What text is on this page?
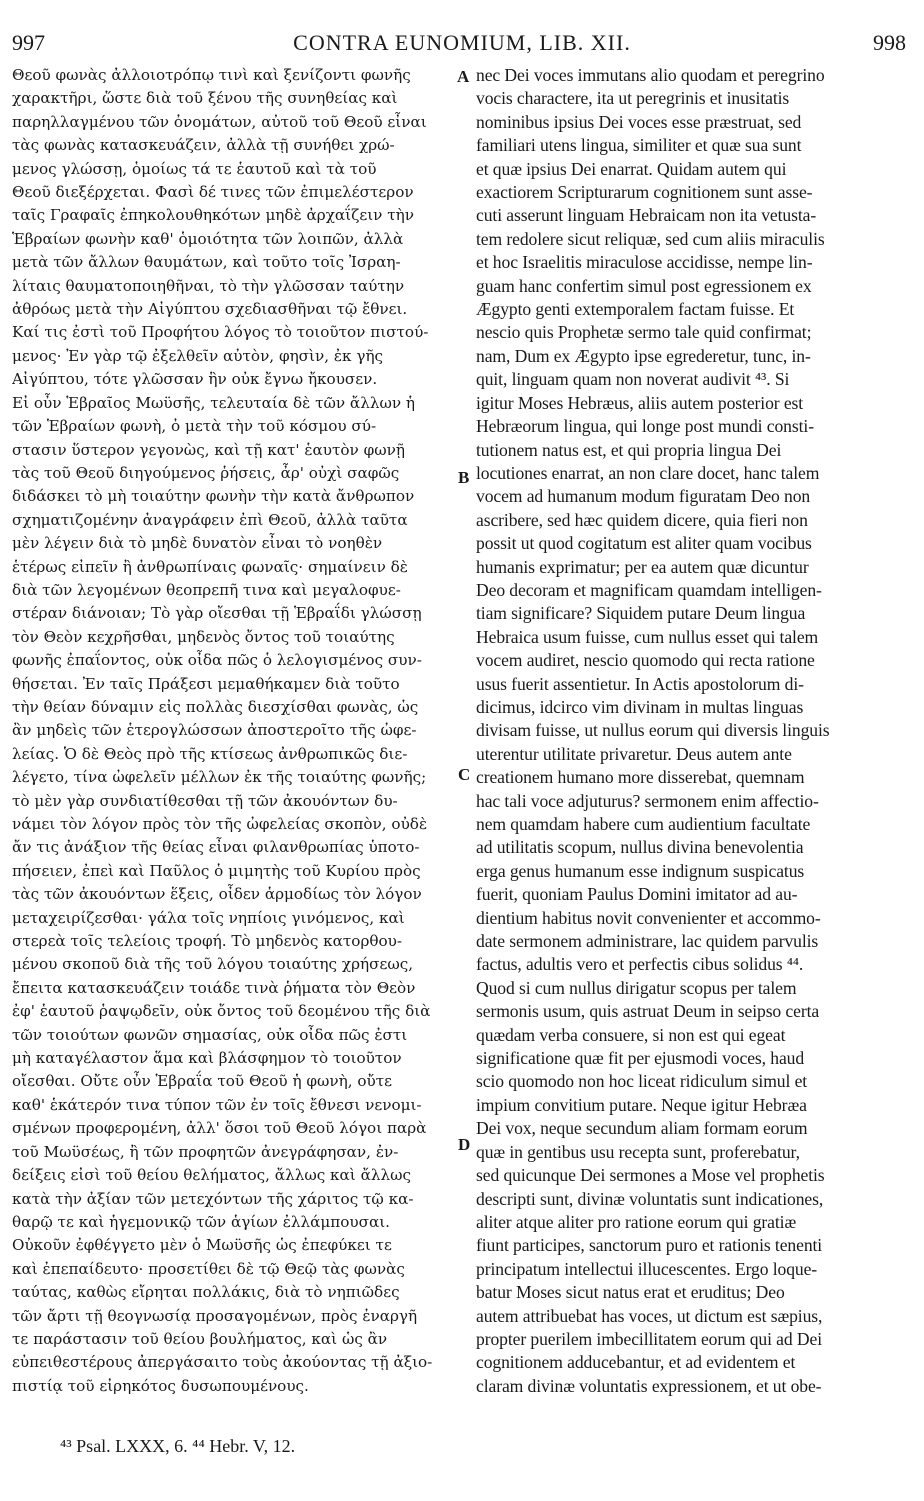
997	CONTRA EUNOMIUM, LIB. XII.	998
Θεοῦ φωνὰς ἀλλοιοτρόπῳ τινὶ καὶ ξενίζοντι φωνῆς
χαρακτῆρι, ὥστε διὰ τοῦ ξένου τῆς συνηθείας καὶ
παρηλλαγμένου τῶν ὀνομάτων, αὐτοῦ τοῦ Θεοῦ εἶναι
τὰς φωνὰς κατασκευάζειν, ἀλλὰ τῇ συνήθει χρώ-
μενος γλώσσῃ, ὁμοίως τά τε ἑαυτοῦ καὶ τὰ τοῦ
Θεοῦ διεξέρχεται. Φασὶ δέ τινες τῶν ἐπιμελέστερον
ταῖς Γραφαῖς ἐπηκολουθηκότων μηδὲ ἀρχαΐζειν τὴν
Ἑβραίων φωνὴν καθ' ὁμοιότητα τῶν λοιπῶν, ἀλλὰ
μετὰ τῶν ἄλλων θαυμάτων, καὶ τοῦτο τοῖς Ἰσραη-
λίταις θαυματοποιηθῆναι, τὸ τὴν γλῶσσαν ταύτην
ἀθρόως μετὰ τὴν Αἰγύπτου σχεδιασθῆναι τῷ ἔθνει.
Καί τις ἐστὶ τοῦ Προφήτου λόγος τὸ τοιοῦτον πιστού-
μενος· Ἐν γὰρ τῷ ἐξελθεῖν αὐτὸν, φησὶν, ἐκ γῆς
Αἰγύπτου, τότε γλῶσσαν ἣν οὐκ ἔγνω ἤκουσεν.
Εἰ οὖν Ἑβραῖος Μωϋσῆς, τελευταία δὲ τῶν ἄλλων ἡ
τῶν Ἑβραίων φωνὴ, ὁ μετὰ τὴν τοῦ κόσμου σύ-
στασιν ὕστερον γεγονὼς, καὶ τῇ κατ' ἑαυτὸν φωνῇ
τὰς τοῦ Θεοῦ διηγούμενος ῥήσεις, ἆρ' οὐχὶ σαφῶς
διδάσκει τὸ μὴ τοιαύτην φωνὴν τὴν κατὰ ἄνθρωπον
σχηματιζομένην ἀναγράφειν ἐπὶ Θεοῦ, ἀλλὰ ταῦτα
μὲν λέγειν διὰ τὸ μηδὲ δυνατὸν εἶναι τὸ νοηθὲν
ἑτέρως εἰπεῖν ἢ ἀνθρωπίναις φωναῖς· σημαίνειν δὲ
διὰ τῶν λεγομένων θεοπρεπῆ τινα καὶ μεγαλοφυε-
στέραν διάνοιαν; Τὸ γὰρ οἴεσθαι τῇ Ἑβραΐδι γλώσσῃ
τὸν Θεὸν κεχρῆσθαι, μηδενὸς ὄντος τοῦ τοιαύτης
φωνῆς ἐπαΐοντος, οὐκ οἶδα πῶς ὁ λελογισμένος συν-
θήσεται. Ἐν ταῖς Πράξεσι μεμαθήκαμεν διὰ τοῦτο
τὴν θείαν δύναμιν εἰς πολλὰς διεσχίσθαι φωνὰς, ὡς
ἂν μηδεὶς τῶν ἑτερογλώσσων ἀποστεροῖτο τῆς ὠφε-
λείας. Ὁ δὲ Θεὸς πρὸ τῆς κτίσεως ἀνθρωπικῶς διε-
λέγετο, τίνα ὠφελεῖν μέλλων ἐκ τῆς τοιαύτης φωνῆς;
τὸ μὲν γὰρ συνδιατίθεσθαι τῇ τῶν ἀκουόντων δυ-
νάμει τὸν λόγον πρὸς τὸν τῆς ὠφελείας σκοπὸν, οὐδὲ
ἄν τις ἀνάξιον τῆς θείας εἶναι φιλανθρωπίας ὑποτο-
πήσειεν, ἐπεὶ καὶ Παῦλος ὁ μιμητὴς τοῦ Κυρίου πρὸς
τὰς τῶν ἀκουόντων ἕξεις, οἶδεν ἁρμοδίως τὸν λόγον
μεταχειρίζεσθαι· γάλα τοῖς νηπίοις γινόμενος, καὶ
στερεὰ τοῖς τελείοις τροφή. Τὸ μηδενὸς κατορθου-
μένου σκοποῦ διὰ τῆς τοῦ λόγου τοιαύτης χρήσεως,
ἔπειτα κατασκευάζειν τοιάδε τινὰ ῥήματα τὸν Θεὸν
ἐφ' ἑαυτοῦ ῥαψῳδεῖν, οὐκ ὄντος τοῦ δεομένου τῆς διὰ
τῶν τοιούτων φωνῶν σημασίας, οὐκ οἶδα πῶς ἐστι
μὴ καταγέλαστον ἅμα καὶ βλάσφημον τὸ τοιοῦτον
οἴεσθαι. Οὔτε οὖν Ἑβραΐα τοῦ Θεοῦ ἡ φωνὴ, οὔτε
καθ' ἑκάτερόν τινα τύπον τῶν ἐν τοῖς ἔθνεσι νενομι-
σμένων προφερομένη, ἀλλ' ὅσοι τοῦ Θεοῦ λόγοι παρὰ
τοῦ Μωϋσέως, ἢ τῶν προφητῶν ἀνεγράφησαν, ἐν-
δείξεις εἰσὶ τοῦ θείου θελήματος, ἄλλως καὶ ἄλλως
κατὰ τὴν ἀξίαν τῶν μετεχόντων τῆς χάριτος τῷ κα-
θαρῷ τε καὶ ἡγεμονικῷ τῶν ἁγίων ἐλλάμπουσαι.
Οὐκοῦν ἐφθέγγετο μὲν ὁ Μωϋσῆς ὡς ἐπεφύκει τε
καὶ ἐπεπαίδευτο· προσετίθει δὲ τῷ Θεῷ τὰς φωνὰς
ταύτας, καθὼς εἴρηται πολλάκις, διὰ τὸ νηπιῶδες
τῶν ἄρτι τῇ θεογνωσίᾳ προσαγομένων, πρὸς ἐναργῆ
τε παράστασιν τοῦ θείου βουλήματος, καὶ ὡς ἂν
εὐπειθεστέρους ἀπεργάσαιτο τοὺς ἀκούοντας τῇ ἀξιο-
πιστίᾳ τοῦ εἰρηκότος δυσωπουμένους.
nec Dei voces immutans alio quodam et peregrino
vocis charactere, ita ut peregrinis et inusitatis
nominibus ipsius Dei voces esse præstruat, sed
familiari utens lingua, similiter et quæ sua sunt
et quæ ipsius Dei enarrat. Quidam autem qui
exactiorem Scripturarum cognitionem sunt asse-
cuti asserunt linguam Hebraicam non ita vetusta-
tem redolere sicut reliquæ, sed cum aliis miraculis
et hoc Israelitis miraculose accidisse, nempe lin-
guam hanc confertim simul post egressionem ex
Ægypto genti extemporalem factam fuisse. Et
nescio quis Prophetæ sermo tale quid confirmat;
nam, Dum ex Ægypto ipse egrederetur, tunc, in-
quit, linguam quam non noverat audivit ⁴³. Si
igitur Moses Hebræus, aliis autem posterior est
Hebræorum lingua, qui longe post mundi consti-
tutionem natus est, et qui propria lingua Dei
locutiones enarrat, an non clare docet, hanc talem
vocem ad humanum modum figuratam Deo non
ascribere, sed hæc quidem dicere, quia fieri non
possit ut quod cogitatum est aliter quam vocibus
humanis exprimatur; per ea autem quæ dicuntur
Deo decoram et magnificam quamdam intelligen-
tiam significare? Siquidem putare Deum lingua
Hebraica usum fuisse, cum nullus esset qui talem
vocem audiret, nescio quomodo qui recta ratione
usus fuerit assentietur. In Actis apostolorum di-
dicimus, idcirco vim divinam in multas linguas
divisam fuisse, ut nullus eorum qui diversis linguis
uterentur utilitate privaretur. Deus autem ante
creationem humano more disserebat, quemnam
hac tali voce adjuturus? sermonem enim affectio-
nem quamdam habere cum audientium facultate
ad utilitatis scopum, nullus divina benevolentia
erga genus humanum esse indignum suspicatus
fuerit, quoniam Paulus Domini imitator ad au-
dientium habitus novit convenienter et accommo-
date sermonem administrare, lac quidem parvulis
factus, adultis vero et perfectis cibus solidus ⁴⁴.
Quod si cum nullus dirigatur scopus per talem
sermonis usum, quis astruat Deum in seipso certa
quædam verba consuere, si non est qui egeat
significatione quæ fit per ejusmodi voces, haud
scio quomodo non hoc liceat ridiculum simul et
impium convitium putare. Neque igitur Hebræa
Dei vox, neque secundum aliam formam eorum
quæ in gentibus usu recepta sunt, proferebatur,
sed quicunque Dei sermones a Mose vel prophetis
descripti sunt, divinæ voluntatis sunt indicationes,
aliter atque aliter pro ratione eorum qui gratiæ
fiunt participes, sanctorum puro et rationis tenenti
principatum intellectui illucescentes. Ergo loque-
batur Moses sicut natus erat et eruditus; Deo
autem attribuebat has voces, ut dictum est sæpius,
propter puerilem imbecillitatem eorum qui ad Dei
cognitionem adducebantur, et ad evidentem et
claram divinæ voluntatis expressionem, et ut obe-
A
B
C
D
⁴³ Psal. LXXX, 6. ⁴⁴ Hebr. V, 12.
